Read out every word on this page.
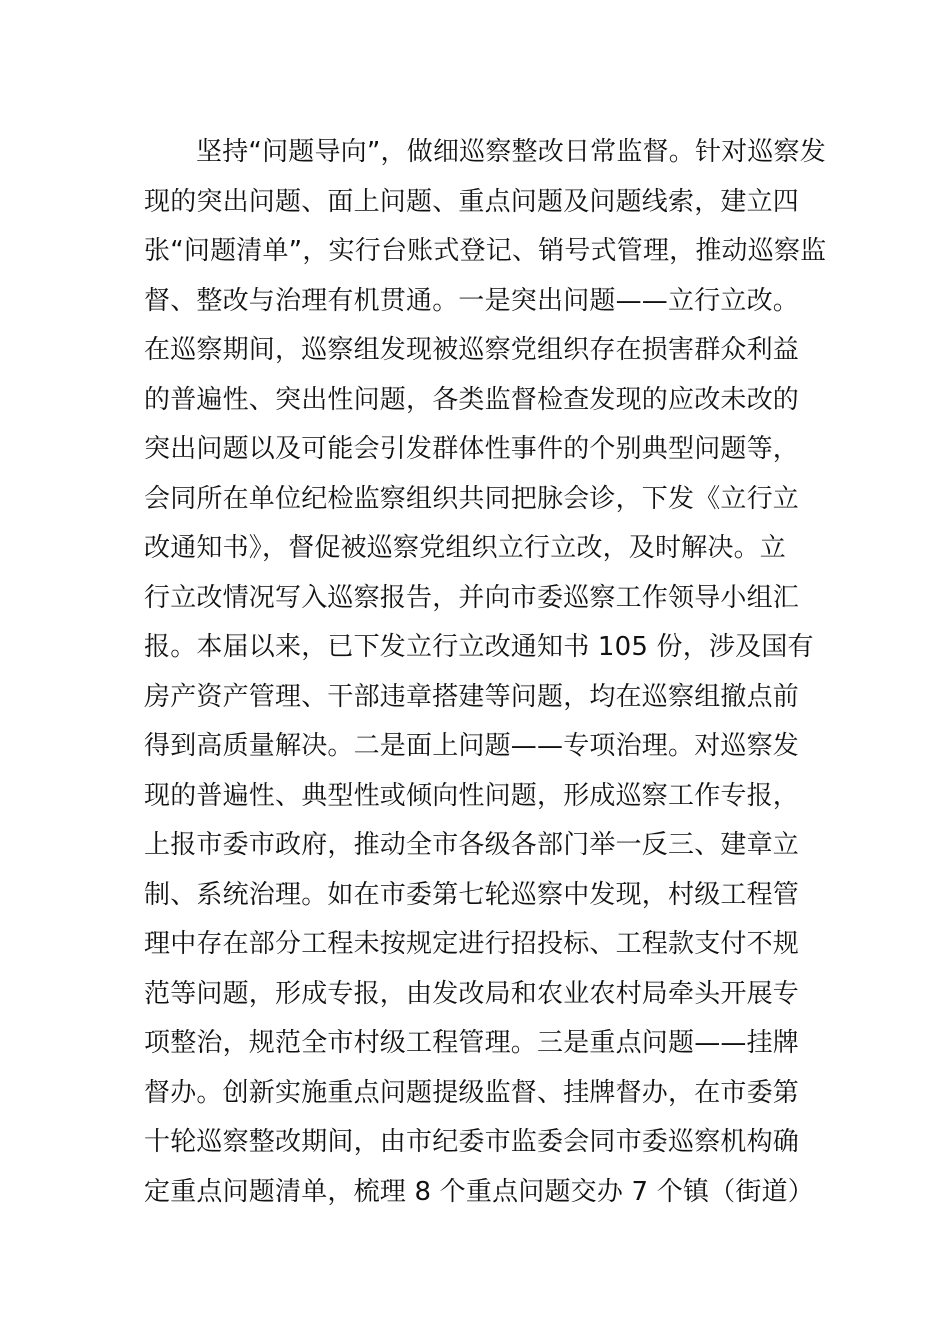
坚持“问题导向”，做细巡察整改日常监督。针对巡察发
现的突出问题、面上问题、重点问题及问题线索，建立四
张“问题清单”，实行台账式登记、销号式管理，推动巡察监
督、整改与治理有机贯通。一是突出问题——立行立改。
在巡察期间，巡察组发现被巡察党组织存在损害群众利益
的普遍性、突出性问题，各类监督检查发现的应改未改的
突出问题以及可能会引发群体性事件的个别典型问题等，
会同所在单位纪检监察组织共同把脉会诊，下发《立行立
改通知书》，督促被巡察党组织立行立改，及时解决。立
行立改情况写入巡察报告，并向市委巡察工作领导小组汇
报。本届以来，已下发立行立改通知书 105 份，涉及国有
房产资产管理、干部违章搭建等问题，均在巡察组撤点前
得到高质量解决。二是面上问题——专项治理。对巡察发
现的普遍性、典型性或倾向性问题，形成巡察工作专报，
上报市委市政府，推动全市各级各部门举一反三、建章立
制、系统治理。如在市委第七轮巡察中发现，村级工程管
理中存在部分工程未按规定进行招投标、工程款支付不规
范等问题，形成专报，由发改局和农业农村局牵头开展专
项整治，规范全市村级工程管理。三是重点问题——挂牌
督办。创新实施重点问题提级监督、挂牌督办，在市委第
十轮巡察整改期间，由市纪委市监委会同市委巡察机构确
定重点问题清单，梳理 8 个重点问题交办 7 个镇（街道）
